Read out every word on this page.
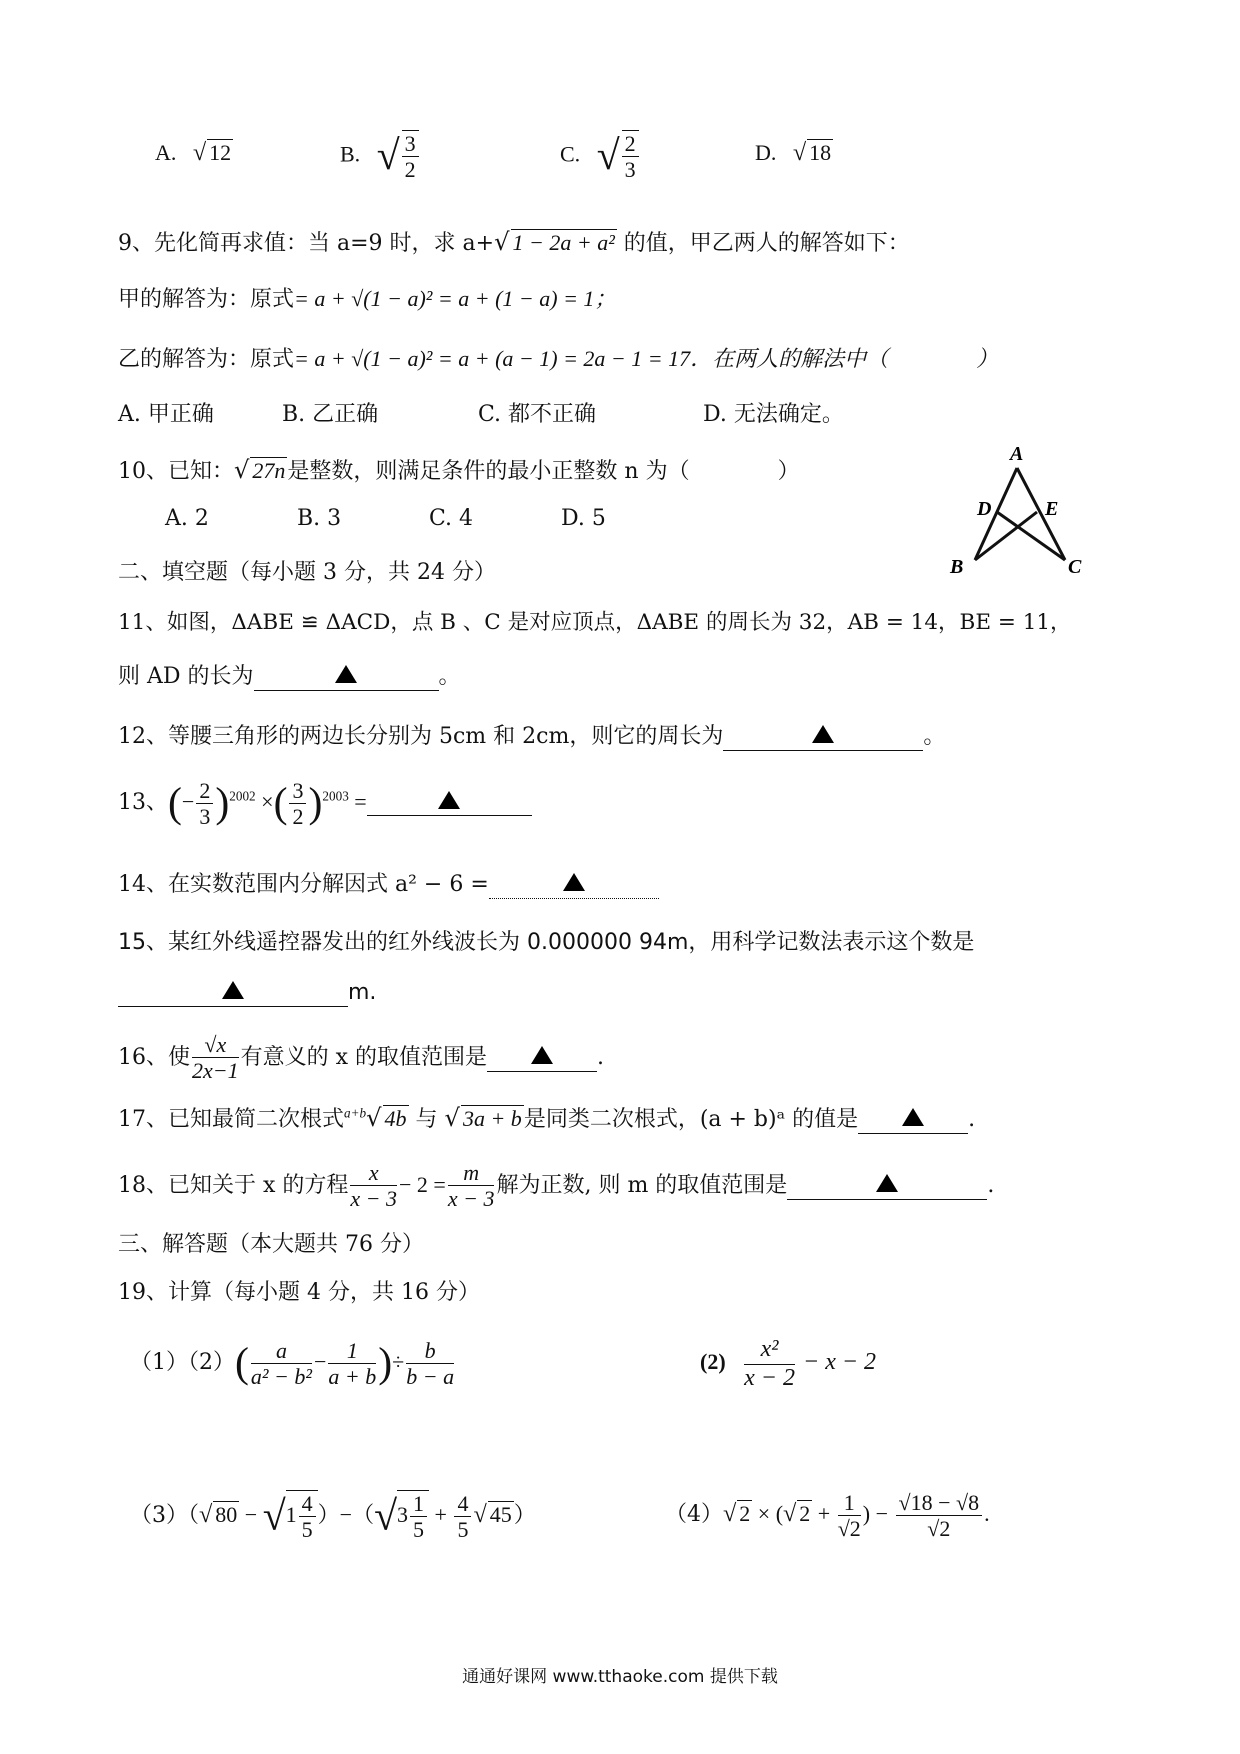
A. √ 12	B. √ $\frac{3}{2}$	C. √ $\frac{2}{3}$	D. √ 18
9、先化简再求值：当 a=9 时，求 a+√ 1 − 2a + a² 的值，甲乙两人的解答如下：
甲的解答为：原式= a + √(1 − a)² = a + (1 − a) = 1；
乙的解答为：原式= a + √(1 − a)² = a + (a − 1) = 2a − 1 = 17．在两人的解法中（　　　　）
A. 甲正确	B. 乙正确	C. 都不正确	D. 无法确定。
10、已知：√ 27n是整数，则满足条件的最小正整数 n 为（　　　　）
A. 2	B. 3	C. 4	D. 5
A
D	E
B	C
二、填空题（每小题 3 分，共 24 分）
11、如图，ΔABE ≌ ΔACD，点 B 、C 是对应顶点，ΔABE 的周长为 32，AB = 14，BE = 11，
则 AD 的长为	。
12、等腰三角形的两边长分别为 5cm 和 2cm，则它的周长为	。
13、(− $\frac{2}{3} )^{2002}$ ×( $\frac{3}{2} )^{2003}$ =
14、在实数范围内分解因式 a² − 6 =
15、某红外线遥控器发出的红外线波长为 0.000000 94m，用科学记数法表示这个数是
m.
16、使 $\frac{√x}{2x-1}$ 有意义的 x 的取值范围是	.
17、已知最简二次根式$^{a+b}$√ 4b 与 √ 3a + b是同类二次根式，(a + b)ᵃ 的值是	.
18、已知关于 x 的方程 $\frac{x}{x - 3} - 2 = \frac{m}{x - 3}$ 解为正数, 则 m 的取值范围是	.
三、解答题（本大题共 76 分）
19、计算（每小题 4 分，共 16 分）
$(1)(2)( \frac{a}{\text{a² − b²}} - \frac{1}{a + b}$ )÷ $\frac{b}{b - a}$	$(2) \frac{\text{x²}}{x - 2} - x - 2$
（3）（√ $80 - √1 \frac{4}{5} )-(√3 \frac{1}{5} + \frac{4}{5}$ √ 45）	（4）√ 2 × (√ $2 + \frac{1}{√2}$ ) − $\frac{√18 - √8}{√2}$ .
通通好课网 www.tthaoke.com 提供下载
